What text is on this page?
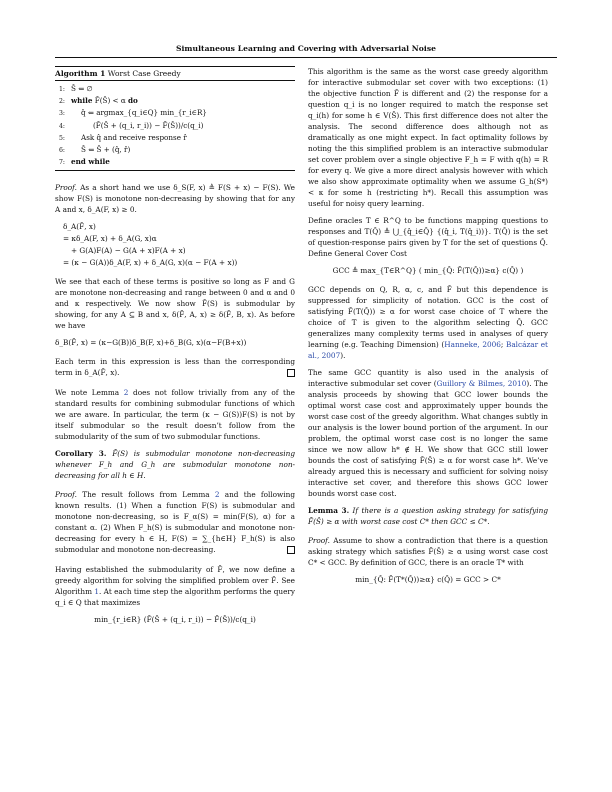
Simultaneous Learning and Covering with Adversarial Noise
Algorithm 1 Worst Case Greedy
1: Ŝ ⇐ ∅
2: while F̄(Ŝ) < α do
3: q̂ ⇐ argmax_{q_i∈Q} min_{r_i∈R}
4:	(F̄(Ŝ + (q_i, r_i)) − F̄(Ŝ))/c(q_i)
5: Ask q̂ and receive response r̂
6: Ŝ ⇐ Ŝ + (q̂, r̂)
7: end while

Proof. As a short hand we use δ_S(F, x) ≜ F(S + x) − F(S). We show F(S) is monotone non-decreasing by showing that for any A and x, δ_A(F, x) ≥ 0.

δ_A(F̄, x)
= κδ_A(F, x) + δ_A(G, x)α
+ G(A)F(A) − G(A + x)F(A + x)
= (κ − G(A))δ_A(F, x) + δ_A(G, x)(α − F(A + x))

We see that each of these terms is positive so long as F and G are monotone non-decreasing and range between 0 and α and 0 and κ respectively. We now show F̄(S) is submodular by showing, for any A ⊆ B and x, δ(F̄, A, x) ≥ δ(F̄, B, x). As before we have

δ_B(F̄, x) = (κ−G(B))δ_B(F, x)+δ_B(G, x)(α−F(B+x))

Each term in this expression is less than the corresponding term in δ_A(F̄, x).

We note Lemma 2 does not follow trivially from any of the standard results for combining submodular functions of which we are aware. In particular, the term (κ − G(S))F(S) is not by itself submodular so the result doesn’t follow from the submodularity of the sum of two submodular functions.

Corollary 3. F̄(S) is submodular monotone non-decreasing whenever F_h and G_h are submodular monotone non-decreasing for all h ∈ H.

Proof. The result follows from Lemma 2 and the following known results. (1) When a function F(S) is submodular and monotone non-decreasing, so is F_α(S) = min(F(S), α) for a constant α. (2) When F_h(S) is submodular and monotone non-decreasing for every h ∈ H, F(S) = ∑_{h∈H} F_h(S) is also submodular and monotone non-decreasing.

Having established the submodularity of F̄, we now define a greedy algorithm for solving the simplified problem over F̄. See Algorithm 1. At each time step the algorithm performs the query q_i ∈ Q that maximizes

min_{r_i∈R} (F̄(Ŝ + (q_i, r_i)) − F̄(Ŝ))/c(q_i)

This algorithm is the same as the worst case greedy algorithm for interactive submodular set cover with two exceptions: (1) the objective function F̄ is different and (2) the response for a question q_i is no longer required to match the response set q_i(h) for some h ∈ V(Ŝ). This first difference does not alter the analysis. The second difference does although not as dramatically as one might expect. In fact optimality follows by noting the this simplified problem is an interactive submodular set cover problem over a single objective F_h = F with q(h) = R for every q. We give a more direct analysis however with which we also show approximate optimality when we assume G_h(S*) < κ for some h (restricting h*). Recall this assumption was useful for noisy query learning.

Define oracles T ∈ R^Q to be functions mapping questions to responses and T(Q̂) ≜ ⋃_{q̂_i∈Q̂} {(q̂_i, T(q̂_i))}. T(Q̂) is the set of question-response pairs given by T for the set of questions Q̂. Define General Cover Cost

GCC ≜ max_{T∈R^Q} ( min_{Q̂: F̄(T(Q̂))≥α} c(Q̂) )

GCC depends on Q, R, α, c, and F̄ but this dependence is suppressed for simplicity of notation. GCC is the cost of satisfying F̄(T(Q̂)) ≥ α for worst case choice of T where the choice of T is given to the algorithm selecting Q̂. GCC generalizes many complexity terms used in analyses of query learning (e.g. Teaching Dimension) (Hanneke, 2006; Balcázar et al., 2007).

The same GCC quantity is also used in the analysis of interactive submodular set cover (Guillory & Bilmes, 2010). The analysis proceeds by showing that GCC lower bounds the optimal worst case cost and approximately upper bounds the worst case cost of the greedy algorithm. What changes subtly in our analysis is the lower bound portion of the argument. In our problem, the optimal worst case cost is no longer the same since we now allow h* ∉ H. We show that GCC still lower bounds the cost of satisfying F̄(Ŝ) ≥ α for worst case h*. We’ve already argued this is necessary and sufficient for solving noisy interactive set cover, and therefore this shows GCC lower bounds worst case cost.

Lemma 3. If there is a question asking strategy for satisfying F̄(Ŝ) ≥ α with worst case cost C* then GCC ≤ C*.

Proof. Assume to show a contradiction that there is a question asking strategy which satisfies F̄(Ŝ) ≥ α using worst case cost C* < GCC. By definition of GCC, there is an oracle T* with

min_{Q̂: F̄(T*(Q̂))≥α} c(Q̂) = GCC > C*
